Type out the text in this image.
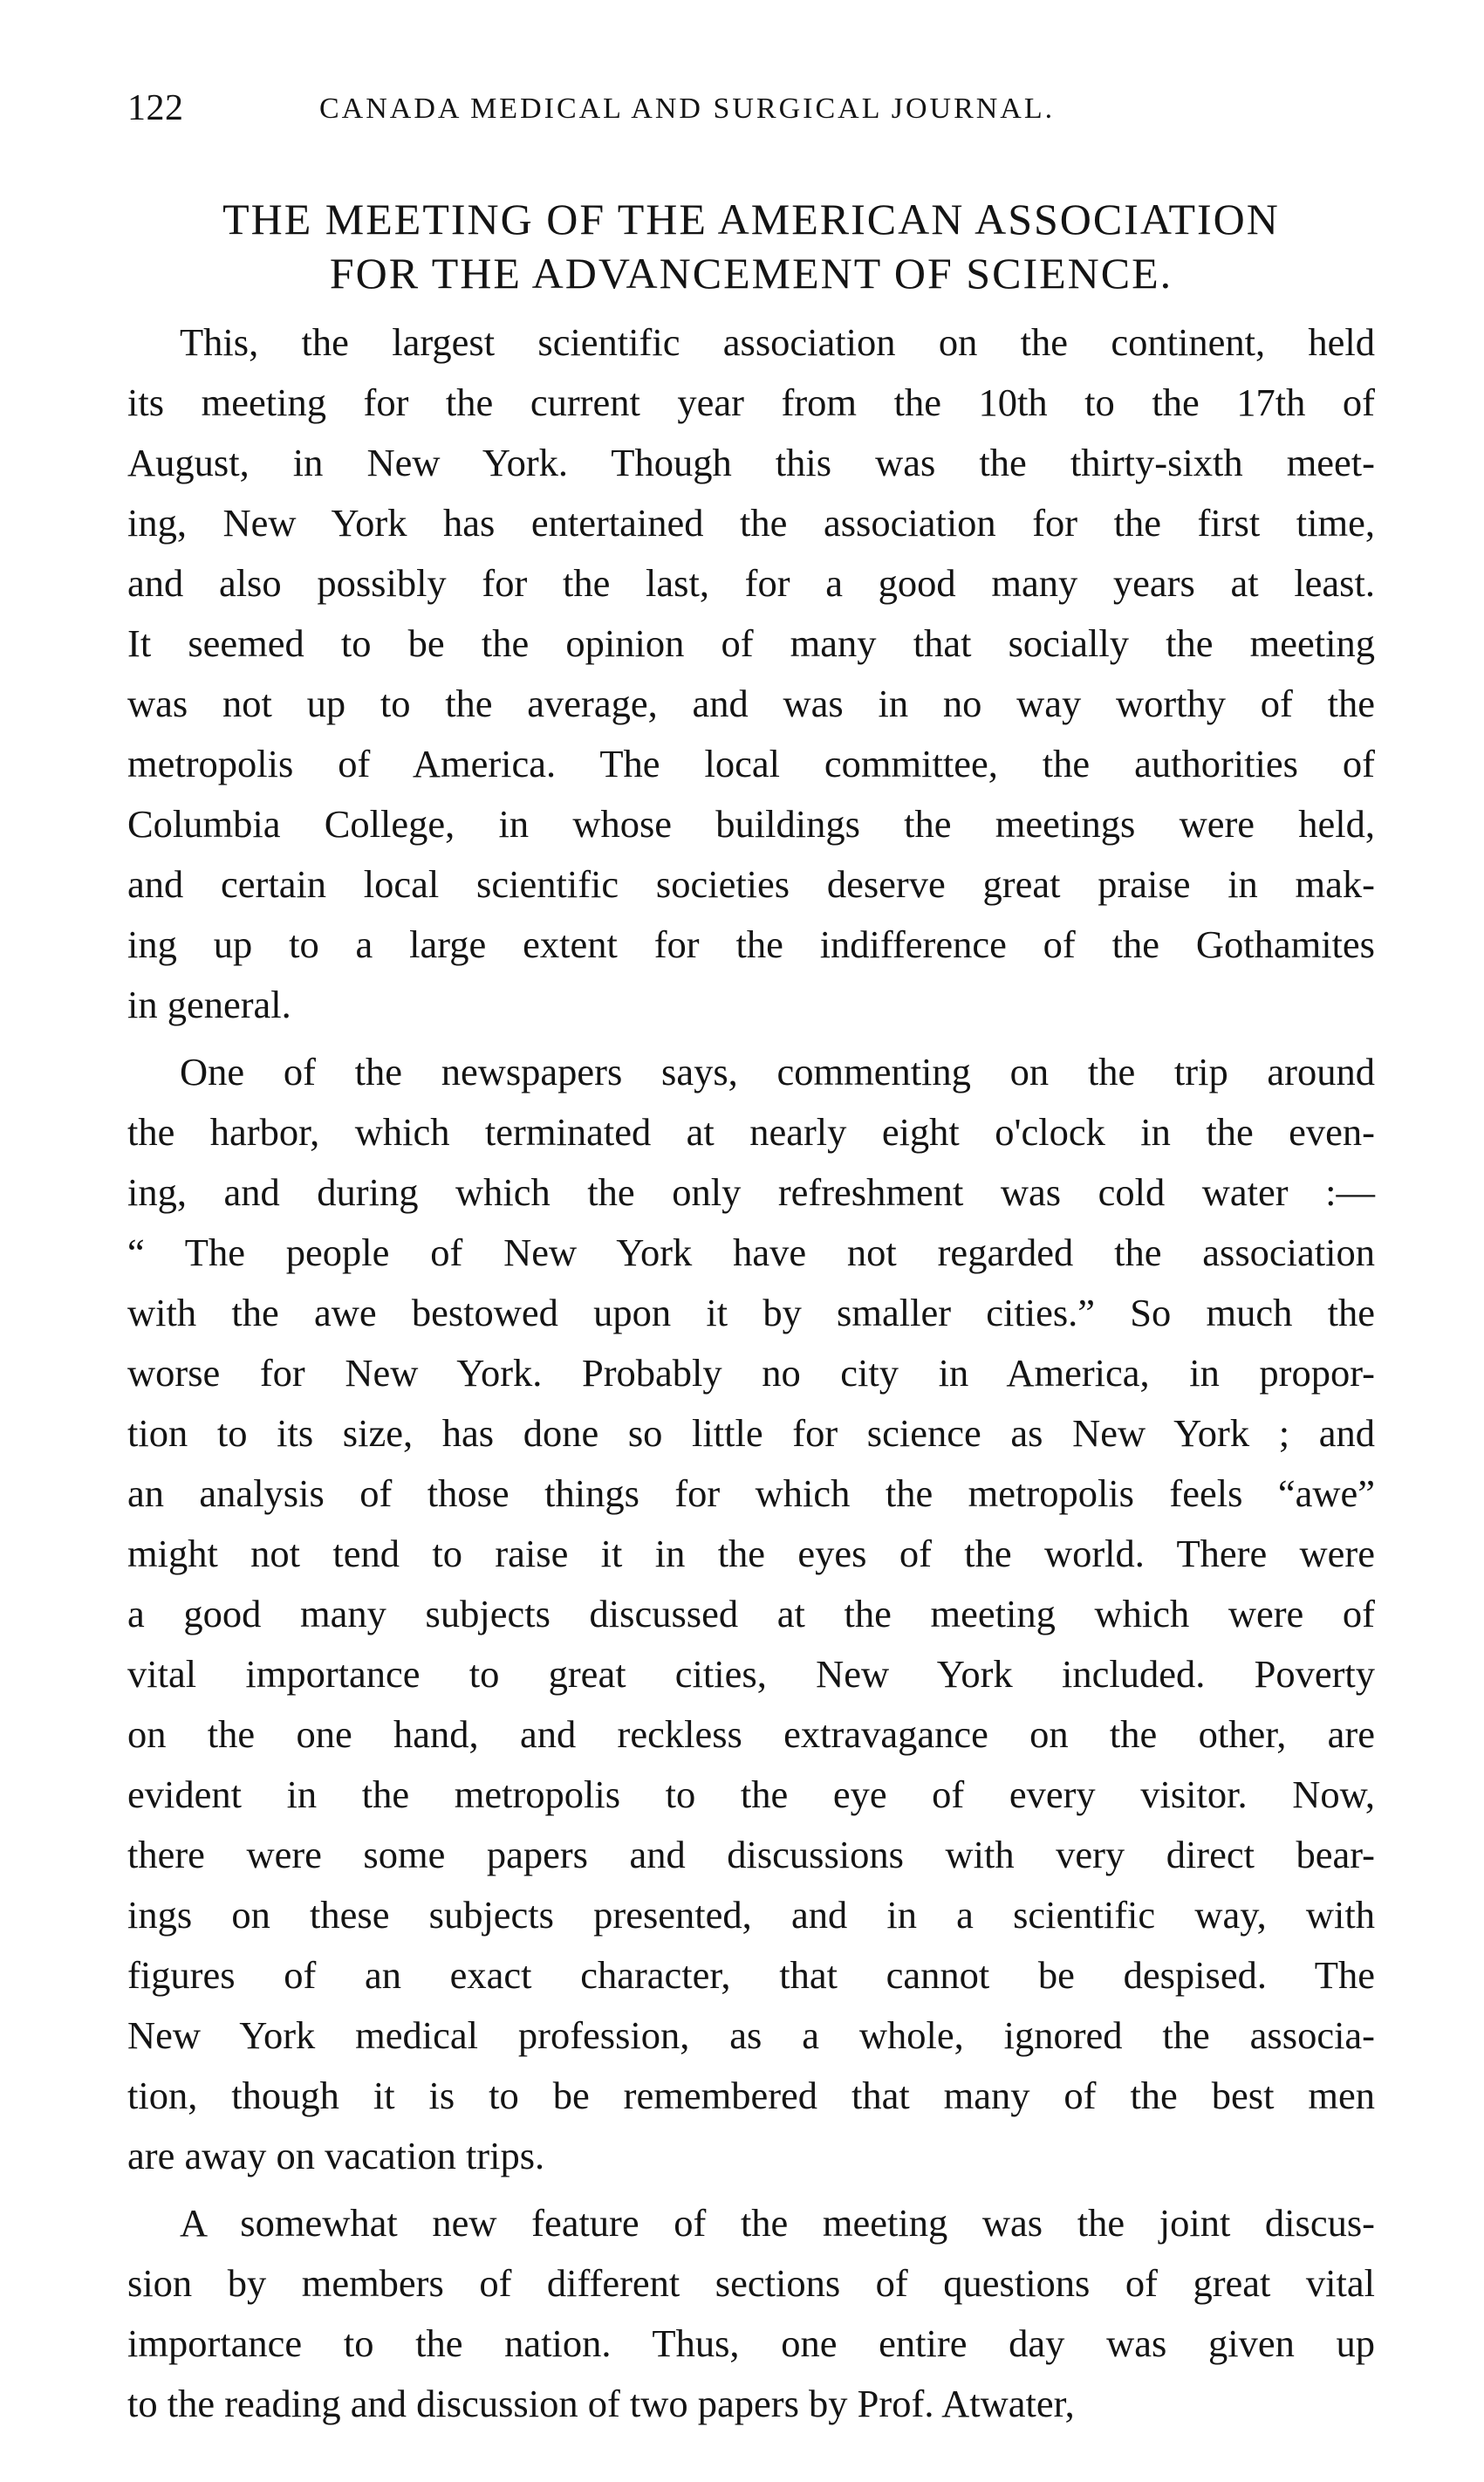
122	CANADA MEDICAL AND SURGICAL JOURNAL.
THE MEETING OF THE AMERICAN ASSOCIATION
FOR THE ADVANCEMENT OF SCIENCE.
This, the largest scientific association on the continent, held
its meeting for the current year from the 10th to the 17th of
August, in New York. Though this was the thirty-sixth meet-
ing, New York has entertained the association for the first time,
and also possibly for the last, for a good many years at least.
It seemed to be the opinion of many that socially the meeting
was not up to the average, and was in no way worthy of the
metropolis of America. The local committee, the authorities of
Columbia College, in whose buildings the meetings were held,
and certain local scientific societies deserve great praise in mak-
ing up to a large extent for the indifference of the Gothamites
in general.
One of the newspapers says, commenting on the trip around
the harbor, which terminated at nearly eight o'clock in the even-
ing, and during which the only refreshment was cold water :—
“ The people of New York have not regarded the association
with the awe bestowed upon it by smaller cities.” So much the
worse for New York. Probably no city in America, in propor-
tion to its size, has done so little for science as New York ; and
an analysis of those things for which the metropolis feels “awe”
might not tend to raise it in the eyes of the world. There were
a good many subjects discussed at the meeting which were of
vital importance to great cities, New York included. Poverty
on the one hand, and reckless extravagance on the other, are
evident in the metropolis to the eye of every visitor. Now,
there were some papers and discussions with very direct bear-
ings on these subjects presented, and in a scientific way, with
figures of an exact character, that cannot be despised. The
New York medical profession, as a whole, ignored the associa-
tion, though it is to be remembered that many of the best men
are away on vacation trips.
A somewhat new feature of the meeting was the joint discus-
sion by members of different sections of questions of great vital
importance to the nation. Thus, one entire day was given up
to the reading and discussion of two papers by Prof. Atwater,
